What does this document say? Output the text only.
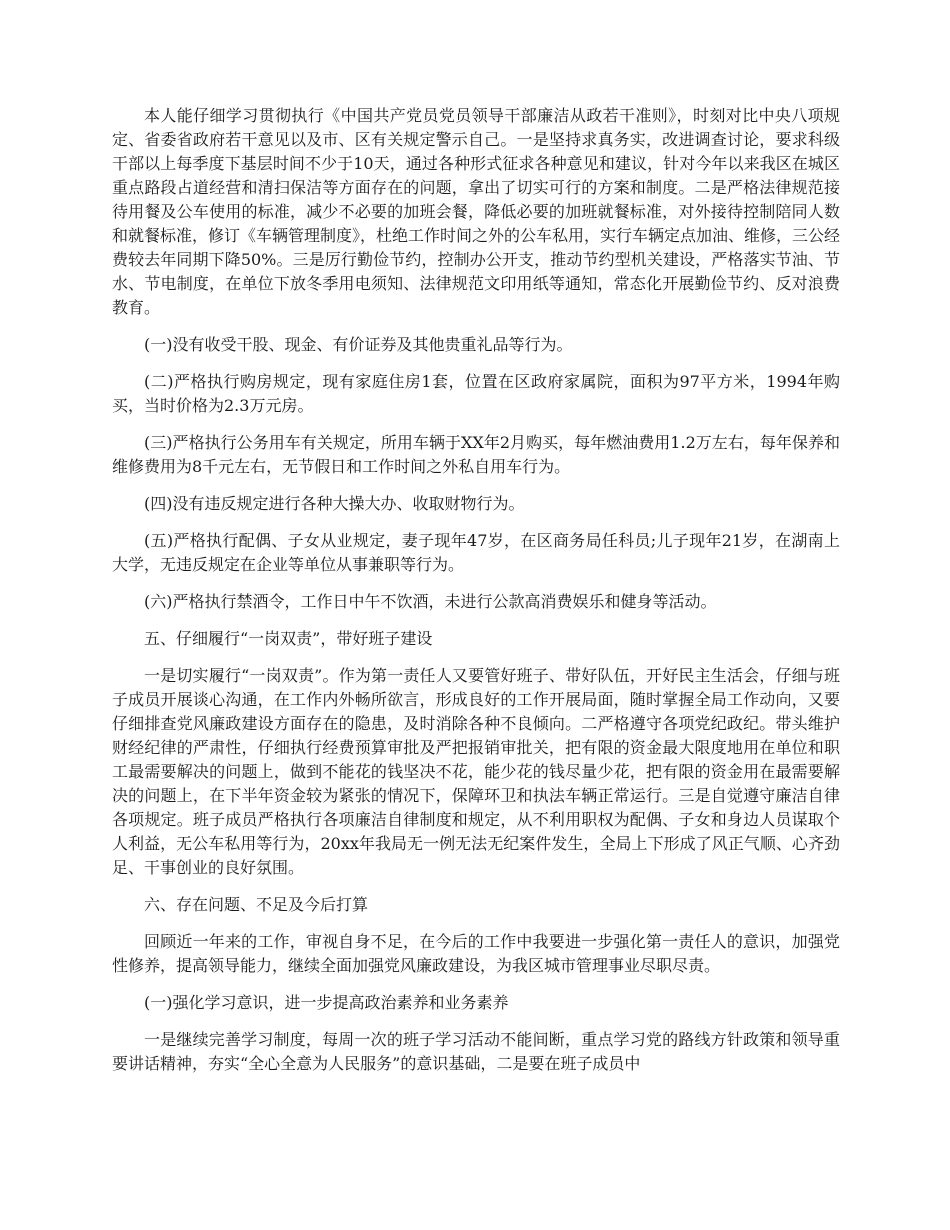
本人能仔细学习贯彻执行《中国共产党员党员领导干部廉洁从政若干准则》，时刻对比中央八项规定、省委省政府若干意见以及市、区有关规定警示自己。一是坚持求真务实，改进调查讨论，要求科级干部以上每季度下基层时间不少于10天，通过各种形式征求各种意见和建议，针对今年以来我区在城区重点路段占道经营和清扫保洁等方面存在的问题，拿出了切实可行的方案和制度。二是严格法律规范接待用餐及公车使用的标准，减少不必要的加班会餐，降低必要的加班就餐标准，对外接待控制陪同人数和就餐标准，修订《车辆管理制度》，杜绝工作时间之外的公车私用，实行车辆定点加油、维修，三公经费较去年同期下降50%。三是厉行勤俭节约，控制办公开支，推动节约型机关建设，严格落实节油、节水、节电制度，在单位下放冬季用电须知、法律规范文印用纸等通知，常态化开展勤俭节约、反对浪费教育。

(一)没有收受干股、现金、有价证券及其他贵重礼品等行为。

(二)严格执行购房规定，现有家庭住房1套，位置在区政府家属院，面积为97平方米，1994年购买，当时价格为2.3万元房。

(三)严格执行公务用车有关规定，所用车辆于XX年2月购买，每年燃油费用1.2万左右，每年保养和维修费用为8千元左右，无节假日和工作时间之外私自用车行为。

(四)没有违反规定进行各种大操大办、收取财物行为。

(五)严格执行配偶、子女从业规定，妻子现年47岁，在区商务局任科员;儿子现年21岁，在湖南上大学，无违反规定在企业等单位从事兼职等行为。

(六)严格执行禁酒令，工作日中午不饮酒，未进行公款高消费娱乐和健身等活动。

五、仔细履行“一岗双责”，带好班子建设

一是切实履行“一岗双责”。作为第一责任人又要管好班子、带好队伍，开好民主生活会，仔细与班子成员开展谈心沟通，在工作内外畅所欲言，形成良好的工作开展局面，随时掌握全局工作动向，又要仔细排查党风廉政建设方面存在的隐患，及时消除各种不良倾向。二严格遵守各项党纪政纪。带头维护财经纪律的严肃性，仔细执行经费预算审批及严把报销审批关，把有限的资金最大限度地用在单位和职工最需要解决的问题上，做到不能花的钱坚决不花，能少花的钱尽量少花，把有限的资金用在最需要解决的问题上，在下半年资金较为紧张的情况下，保障环卫和执法车辆正常运行。三是自觉遵守廉洁自律各项规定。班子成员严格执行各项廉洁自律制度和规定，从不利用职权为配偶、子女和身边人员谋取个人利益，无公车私用等行为，20xx年我局无一例无法无纪案件发生，全局上下形成了风正气顺、心齐劲足、干事创业的良好氛围。

六、存在问题、不足及今后打算

回顾近一年来的工作，审视自身不足，在今后的工作中我要进一步强化第一责任人的意识，加强党性修养，提高领导能力，继续全面加强党风廉政建设，为我区城市管理事业尽职尽责。

(一)强化学习意识，进一步提高政治素养和业务素养

一是继续完善学习制度，每周一次的班子学习活动不能间断，重点学习党的路线方针政策和领导重要讲话精神，夯实“全心全意为人民服务”的意识基础，二是要在班子成员中
